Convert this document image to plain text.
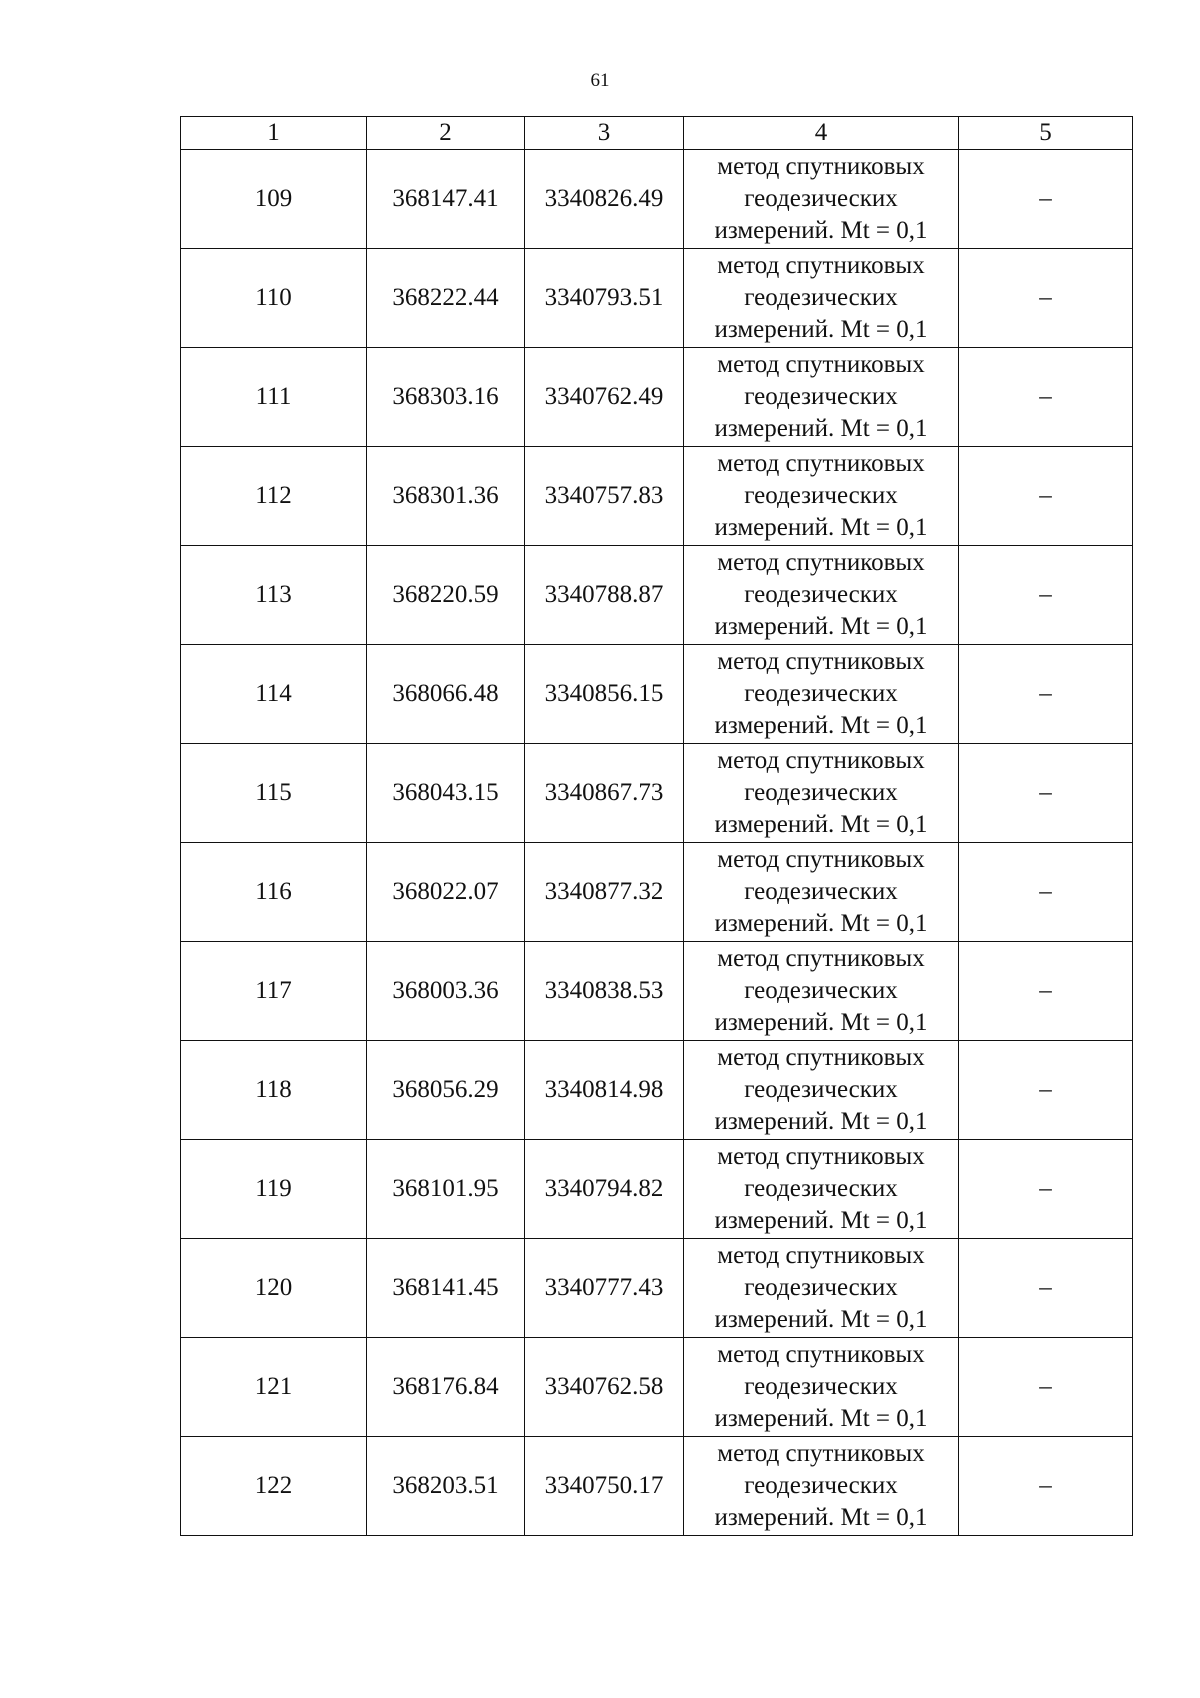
61
1	2	3	4	5
109	368147.41	3340826.49	метод спутниковых
геодезических
измерений. Mt = 0,1	–
110	368222.44	3340793.51	метод спутниковых
геодезических
измерений. Mt = 0,1	–
111	368303.16	3340762.49	метод спутниковых
геодезических
измерений. Mt = 0,1	–
112	368301.36	3340757.83	метод спутниковых
геодезических
измерений. Mt = 0,1	–
113	368220.59	3340788.87	метод спутниковых
геодезических
измерений. Mt = 0,1	–
114	368066.48	3340856.15	метод спутниковых
геодезических
измерений. Mt = 0,1	–
115	368043.15	3340867.73	метод спутниковых
геодезических
измерений. Mt = 0,1	–
116	368022.07	3340877.32	метод спутниковых
геодезических
измерений. Mt = 0,1	–
117	368003.36	3340838.53	метод спутниковых
геодезических
измерений. Mt = 0,1	–
118	368056.29	3340814.98	метод спутниковых
геодезических
измерений. Mt = 0,1	–
119	368101.95	3340794.82	метод спутниковых
геодезических
измерений. Mt = 0,1	–
120	368141.45	3340777.43	метод спутниковых
геодезических
измерений. Mt = 0,1	–
121	368176.84	3340762.58	метод спутниковых
геодезических
измерений. Mt = 0,1	–
122	368203.51	3340750.17	метод спутниковых
геодезических
измерений. Mt = 0,1	–
